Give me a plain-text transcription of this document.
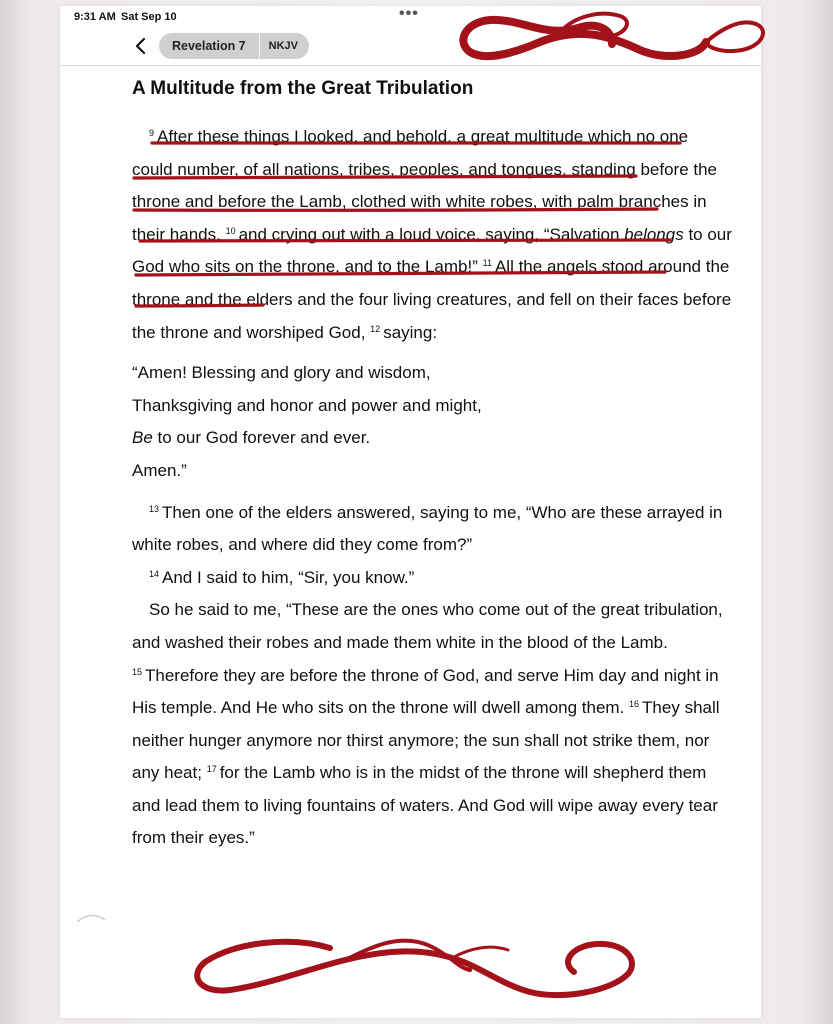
9:31 AM Sat Sep 10	•••
Revelation 7	NKJV
A Multitude from the Great Tribulation

$^9$ After these things I looked, and behold, a great multitude which no one could number, of all nations, tribes, peoples, and tongues, standing before the throne and before the Lamb, clothed with white robes, with palm branches in their hands, $^{10}$ and crying out with a loud voice, saying, “Salvation belongs to our God who sits on the throne, and to the Lamb!” $^{11}$ All the angels stood around the throne and the elders and the four living creatures, and fell on their faces before the throne and worshiped God, $^{12}$ saying:

“Amen! Blessing and glory and wisdom,
Thanksgiving and honor and power and might,
Be to our God forever and ever.
Amen.”

$^{13}$ Then one of the elders answered, saying to me, “Who are these arrayed in white robes, and where did they come from?”

$^{14}$ And I said to him, “Sir, you know.”

So he said to me, “These are the ones who come out of the great tribulation, and washed their robes and made them white in the blood of the Lamb. $^{15}$ Therefore they are before the throne of God, and serve Him day and night in His temple. And He who sits on the throne will dwell among them. $^{16}$ They shall neither hunger anymore nor thirst anymore; the sun shall not strike them, nor any heat; $^{17}$ for the Lamb who is in the midst of the throne will shepherd them and lead them to living fountains of waters. And God will wipe away every tear from their eyes.”
